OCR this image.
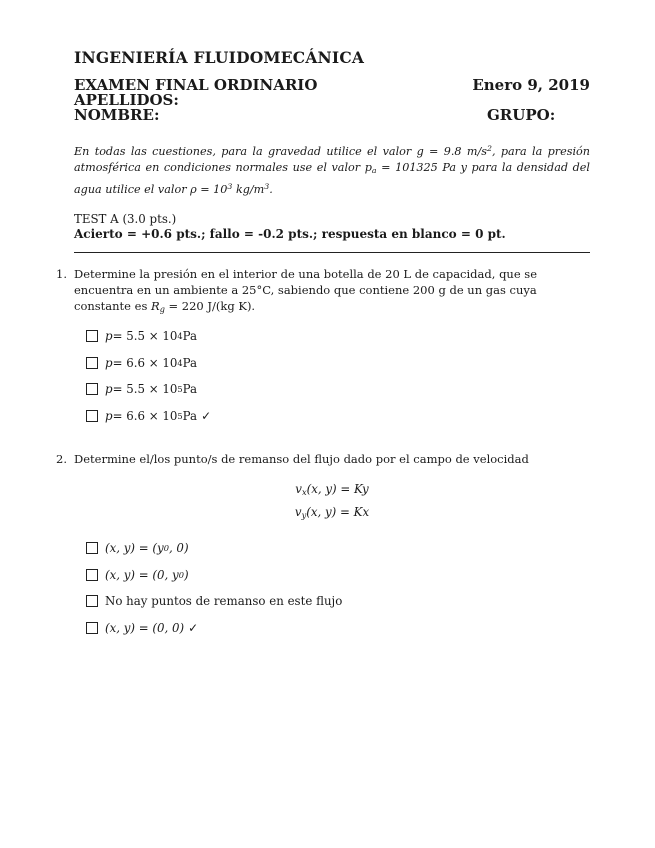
INGENIERÍA FLUIDOMECÁNICA
EXAMEN FINAL ORDINARIO	Enero 9, 2019
APELLIDOS:
NOMBRE:	GRUPO:
En todas las cuestiones, para la gravedad utilice el valor g = 9.8 $m/s^2$, para la presión atmosférica en condiciones normales use el valor $p_a = 101325$ Pa y para la densidad del agua utilice el valor $\rho = 10^3$ $kg/m^3$.
TEST A (3.0 pts.)
Acierto = +0.6 pts.; fallo = -0.2 pts.; respuesta en blanco = 0 pt.
1. Determine la presión en el interior de una botella de 20 L de capacidad, que se encuentra en un ambiente a 25°C, sabiendo que contiene 200 g de un gas cuya constante es $R_g = 220$ J/(kg K).
p = 5.5 × 10 4 Pa
p = 6.6 × 10 4 Pa
p = 5.5 × 10 5 Pa
p = 6.6 × 10 5 Pa ✓
2. Determine el/los punto/s de remanso del flujo dado por el campo de velocidad
$v_x(x$, y) = Ky
$v_y(x$, y) = Kx
(x, y) = (y 0 , 0)
(x, y) = (0, y 0 )
No hay puntos de remanso en este flujo
(x, y) = (0, 0) ✓
